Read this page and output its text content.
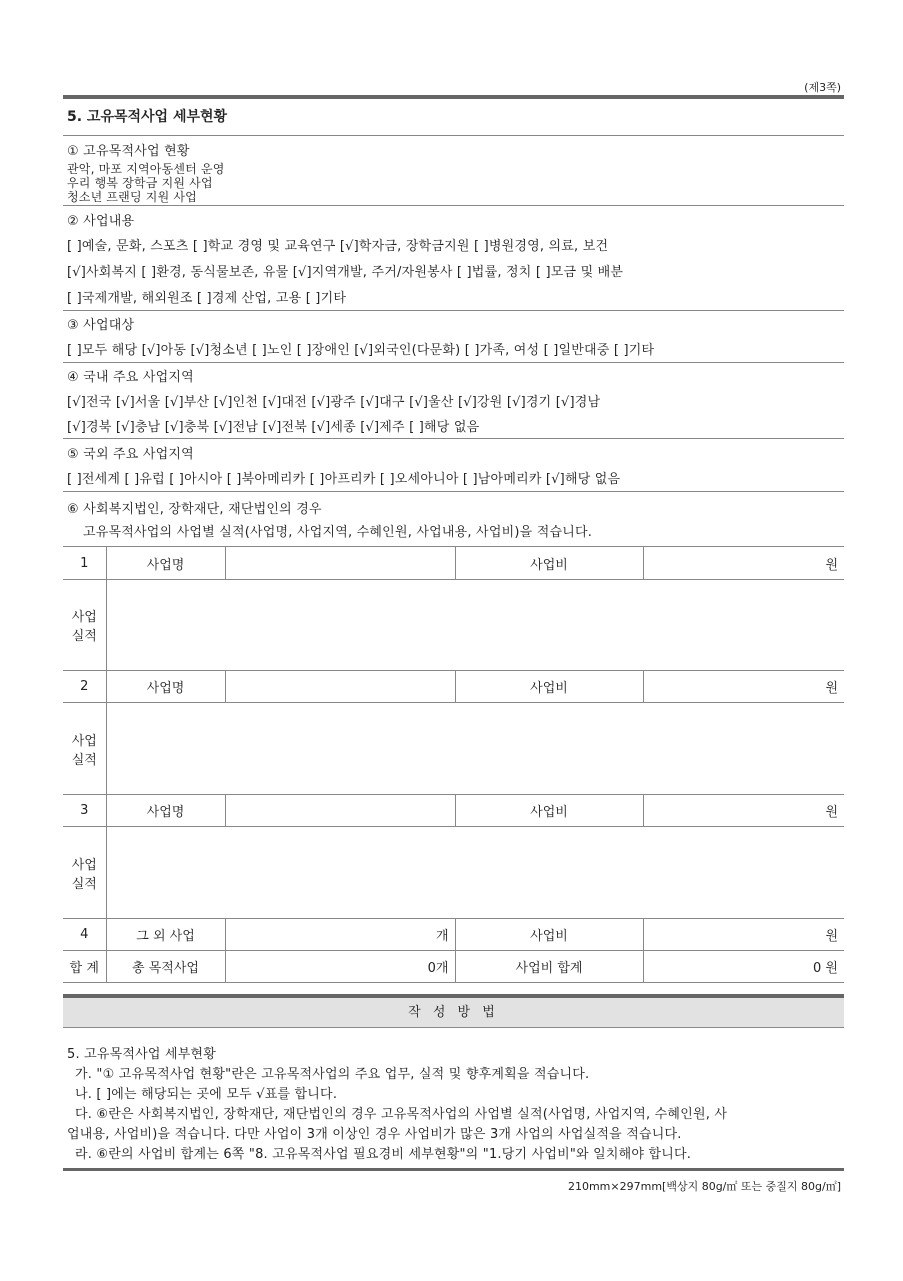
(제3쪽)
5. 고유목적사업 세부현황
① 고유목적사업 현황
관악, 마포 지역아동센터 운영
우리 행복 장학금 지원 사업
청소년 프랜딩 지원 사업
② 사업내용
[ ]예술, 문화, 스포츠 [ ]학교 경영 및 교육연구 [√]학자금, 장학금지원 [ ]병원경영, 의료, 보건
[√]사회복지 [ ]환경, 동식물보존, 유물 [√]지역개발, 주거/자원봉사 [ ]법률, 정치 [ ]모금 및 배분
[ ]국제개발, 해외원조 [ ]경제 산업, 고용 [ ]기타
③ 사업대상
[ ]모두 해당 [√]아동 [√]청소년 [ ]노인 [ ]장애인 [√]외국인(다문화) [ ]가족, 여성 [ ]일반대중 [ ]기타
④ 국내 주요 사업지역
[√]전국 [√]서울 [√]부산 [√]인천 [√]대전 [√]광주 [√]대구 [√]울산 [√]강원 [√]경기 [√]경남
[√]경북 [√]충남 [√]충북 [√]전남 [√]전북 [√]세종 [√]제주 [ ]해당 없음
⑤ 국외 주요 사업지역
[ ]전세계 [ ]유럽 [ ]아시아 [ ]북아메리카 [ ]아프리카 [ ]오세아니아 [ ]남아메리카 [√]해당 없음
⑥ 사회복지법인, 장학재단, 재단법인의 경우
고유목적사업의 사업별 실적(사업명, 사업지역, 수혜인원, 사업내용, 사업비)을 적습니다.
1	사업명		사업비	원
사업
실적				
2	사업명		사업비	원
사업
실적				
3	사업명		사업비	원
사업
실적				
4	그 외 사업	개	사업비	원
합 계	총 목적사업	0개	사업비 합계	0 원
작 성 방 법
5. 고유목적사업 세부현황
가. "① 고유목적사업 현황"란은 고유목적사업의 주요 업무, 실적 및 향후계획을 적습니다.
나. [ ]에는 해당되는 곳에 모두 √표를 합니다.
다. ⑥란은 사회복지법인, 장학재단, 재단법인의 경우 고유목적사업의 사업별 실적(사업명, 사업지역, 수혜인원, 사
업내용, 사업비)을 적습니다. 다만 사업이 3개 이상인 경우 사업비가 많은 3개 사업의 사업실적을 적습니다.
라. ⑥란의 사업비 합계는 6쪽 "8. 고유목적사업 필요경비 세부현황"의 "1.당기 사업비"와 일치해야 합니다.
210mm×297mm[백상지 80g/㎡ 또는 중질지 80g/㎡]
